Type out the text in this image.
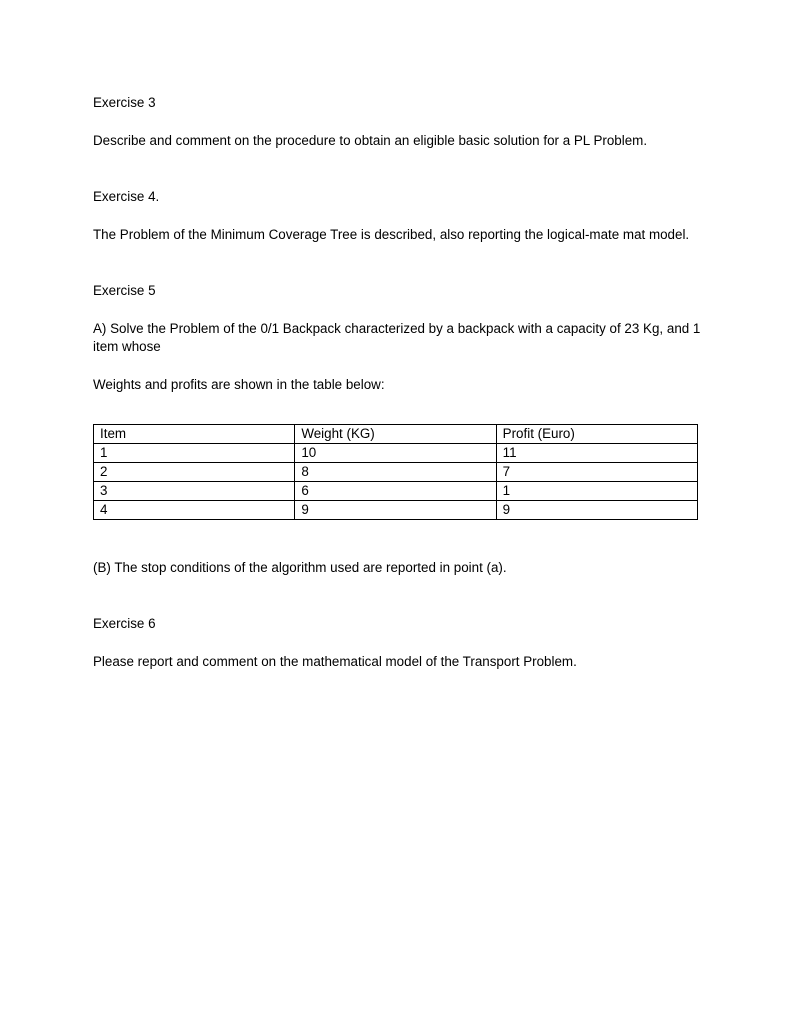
Exercise 3

Describe and comment on the procedure to obtain an eligible basic solution for a PL Problem.

Exercise 4.

The Problem of the Minimum Coverage Tree is described, also reporting the logical-mate mat model.

Exercise 5

A) Solve the Problem of the 0/1 Backpack characterized by a backpack with a capacity of 23 Kg, and 1 item whose

Weights and profits are shown in the table below:

Item	Weight (KG)	Profit (Euro)
1	10	11
2	8	7
3	6	1
4	9	9

(B) The stop conditions of the algorithm used are reported in point (a).

Exercise 6

Please report and comment on the mathematical model of the Transport Problem.
